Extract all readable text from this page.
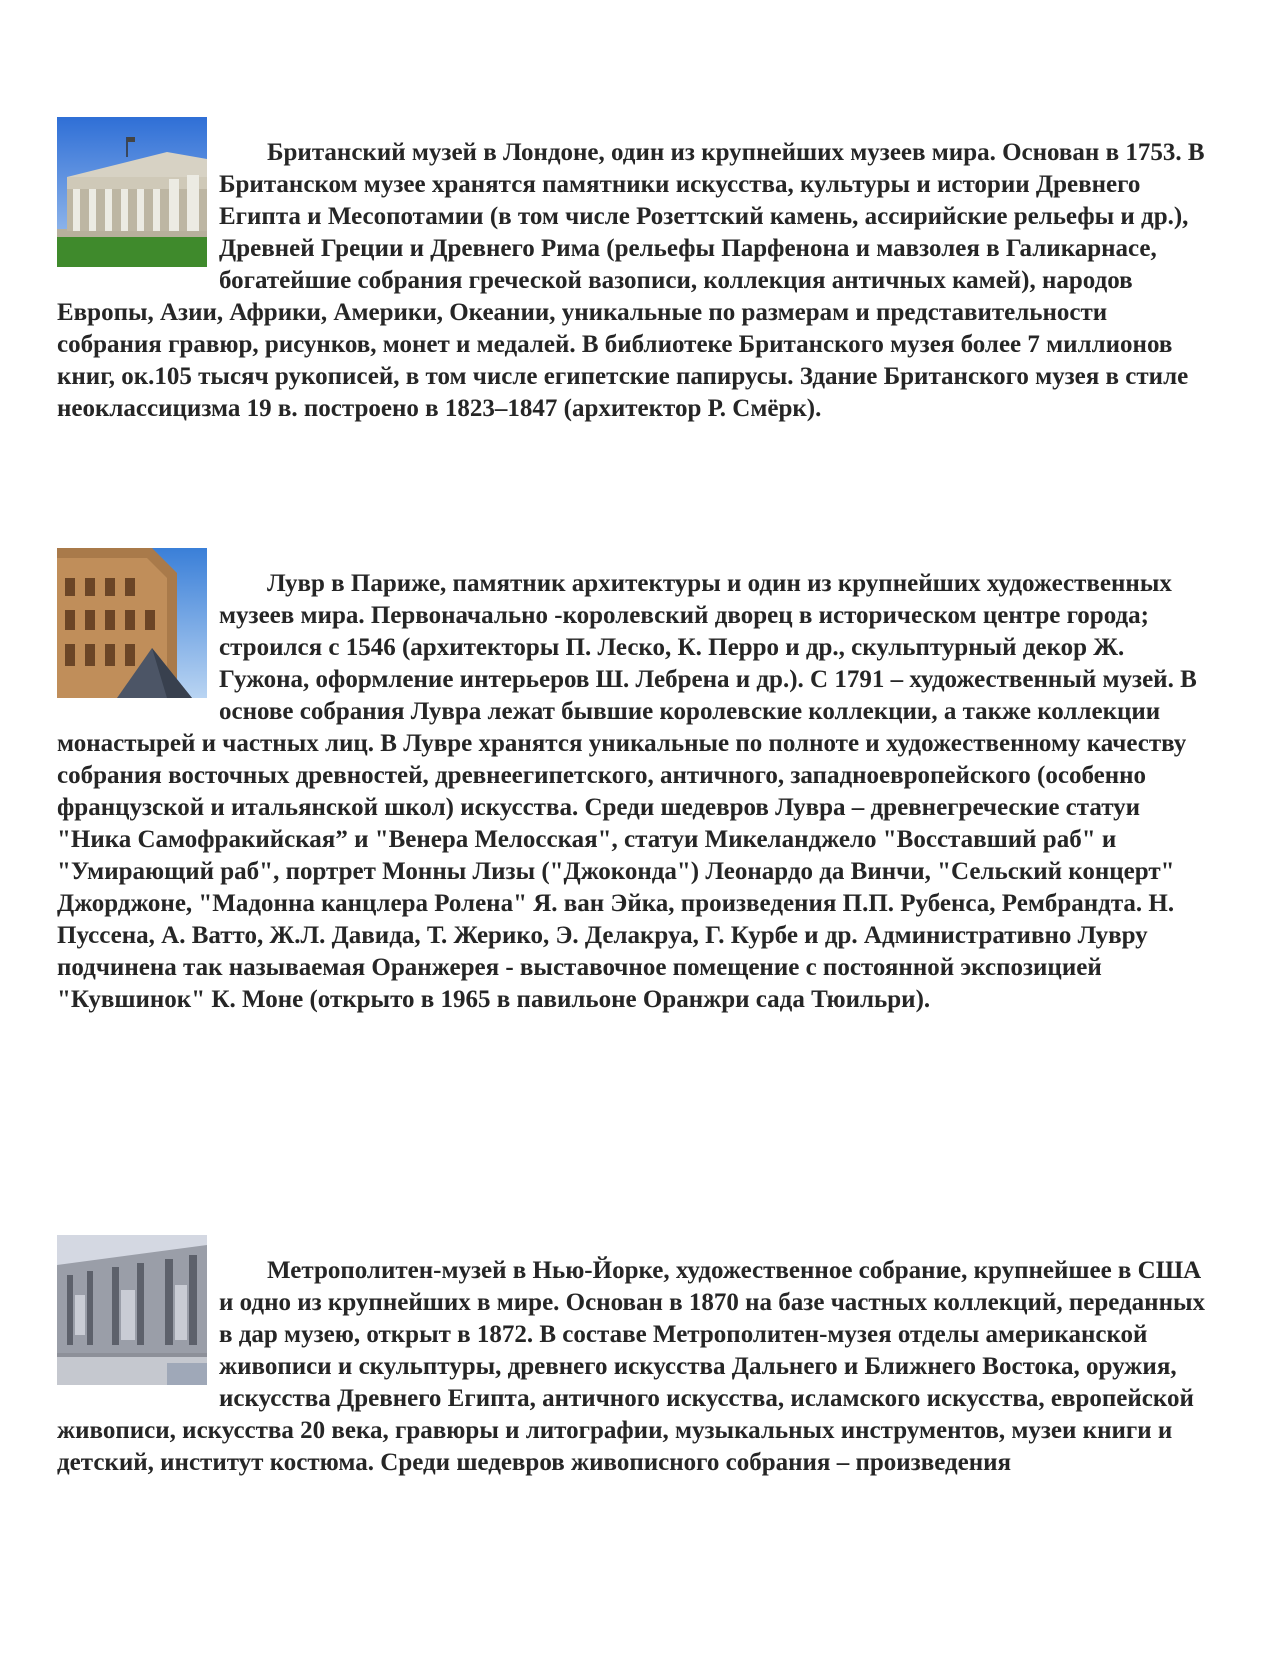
Британский музей в Лондоне, один из крупнейших музеев мира. Основан в 1753. В Британском музее хранятся памятники искусства, культуры и истории Древнего Египта и Месопотамии (в том числе Розеттский камень, ассирийские рельефы и др.), Древней Греции и Древнего Рима (рельефы Парфенона и мавзолея в Галикарнасе, богатейшие собрания греческой вазописи, коллекция античных камей), народов Европы, Азии, Африки, Америки, Океании, уникальные по размерам и представительности собрания гравюр, рисунков, монет и медалей. В библиотеке Британского музея более 7 миллионов книг, ок.105 тысяч рукописей, в том числе египетские папирусы. Здание Британского музея в стиле неоклассицизма 19 в. построено в 1823–1847 (архитектор Р. Смёрк).

Лувр в Париже, памятник архитектуры и один из крупнейших художественных музеев мира. Первоначально -королевский дворец в историческом центре города; строился с 1546 (архитекторы П. Леско, К. Перро и др., скульптурный декор Ж. Гужона, оформление интерьеров Ш. Лебрена и др.). С 1791 – художественный музей. В основе собрания Лувра лежат бывшие королевские коллекции, а также коллекции монастырей и частных лиц. В Лувре хранятся уникальные по полноте и художественному качеству собрания восточных древностей, древнеегипетского, античного, западноевропейского (особенно французской и итальянской школ) искусства. Среди шедевров Лувра – древнегреческие статуи "Ника Самофракийская” и "Венера Мелосская", статуи Микеланджело "Восставший раб" и "Умирающий раб", портрет Монны Лизы ("Джоконда") Леонардо да Винчи, "Сельский концерт" Джорджоне, "Мадонна канцлера Ролена" Я. ван Эйка, произведения П.П. Рубенса, Рембрандта. Н. Пуссена, А. Ватто, Ж.Л. Давида, Т. Жерико, Э. Делакруа, Г. Курбе и др. Административно Лувру подчинена так называемая Оранжерея - выставочное помещение с постоянной экспозицией "Кувшинок" К. Моне (открыто в 1965 в павильоне Оранжри сада Тюильри).

Метрополитен-музей в Нью-Йорке, художественное собрание, крупнейшее в США и одно из крупнейших в мире. Основан в 1870 на базе частных коллекций, переданных в дар музею, открыт в 1872. В составе Метрополитен-музея отделы американской живописи и скульптуры, древнего искусства Дальнего и Ближнего Востока, оружия, искусства Древнего Египта, античного искусства, исламского искусства, европейской живописи, искусства 20 века, гравюры и литографии, музыкальных инструментов, музеи книги и детский, институт костюма. Среди шедевров живописного собрания – произведения
